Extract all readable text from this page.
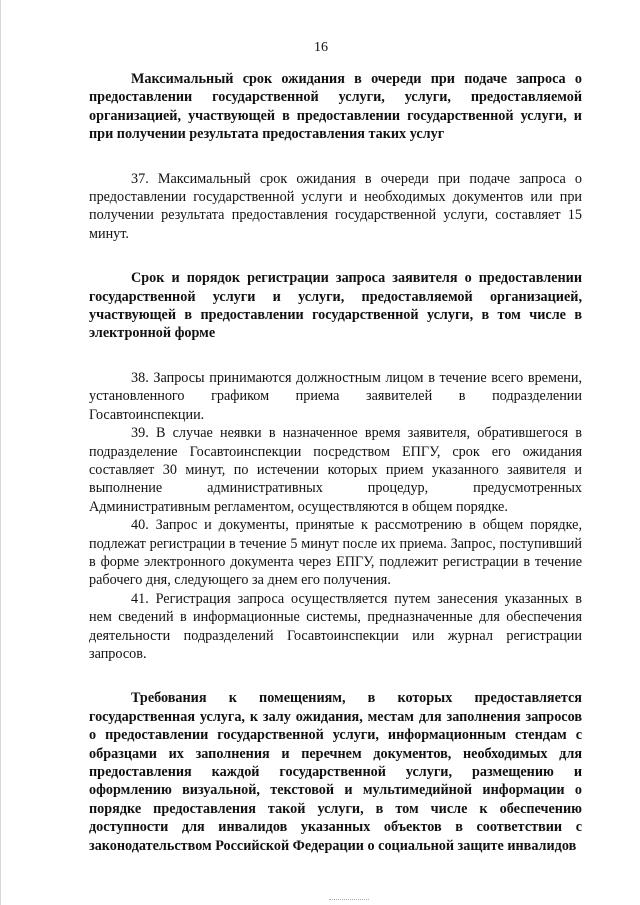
16

Максимальный срок ожидания в очереди при подаче запроса о предоставлении государственной услуги, услуги, предоставляемой организацией, участвующей в предоставлении государственной услуги, и при получении результата предоставления таких услуг

37. Максимальный срок ожидания в очереди при подаче запроса о предоставлении государственной услуги и необходимых документов или при получении результата предоставления государственной услуги, составляет 15 минут.

Срок и порядок регистрации запроса заявителя о предоставлении государственной услуги и услуги, предоставляемой организацией, участвующей в предоставлении государственной услуги, в том числе в электронной форме

38. Запросы принимаются должностным лицом в течение всего времени, установленного графиком приема заявителей в подразделении Госавтоинспекции.

39. В случае неявки в назначенное время заявителя, обратившегося в подразделение Госавтоинспекции посредством ЕПГУ, срок его ожидания составляет 30 минут, по истечении которых прием указанного заявителя и выполнение административных процедур, предусмотренных Административным регламентом, осуществляются в общем порядке.

40. Запрос и документы, принятые к рассмотрению в общем порядке, подлежат регистрации в течение 5 минут после их приема. Запрос, поступивший в форме электронного документа через ЕПГУ, подлежит регистрации в течение рабочего дня, следующего за днем его получения.

41. Регистрация запроса осуществляется путем занесения указанных в нем сведений в информационные системы, предназначенные для обеспечения деятельности подразделений Госавтоинспекции или журнал регистрации запросов.

Требования к помещениям, в которых предоставляется государственная услуга, к залу ожидания, местам для заполнения запросов о предоставлении государственной услуги, информационным стендам с образцами их заполнения и перечнем документов, необходимых для предоставления каждой государственной услуги, размещению и оформлению визуальной, текстовой и мультимедийной информации о порядке предоставления такой услуги, в том числе к обеспечению доступности для инвалидов указанных объектов в соответствии с законодательством Российской Федерации о социальной защите инвалидов
